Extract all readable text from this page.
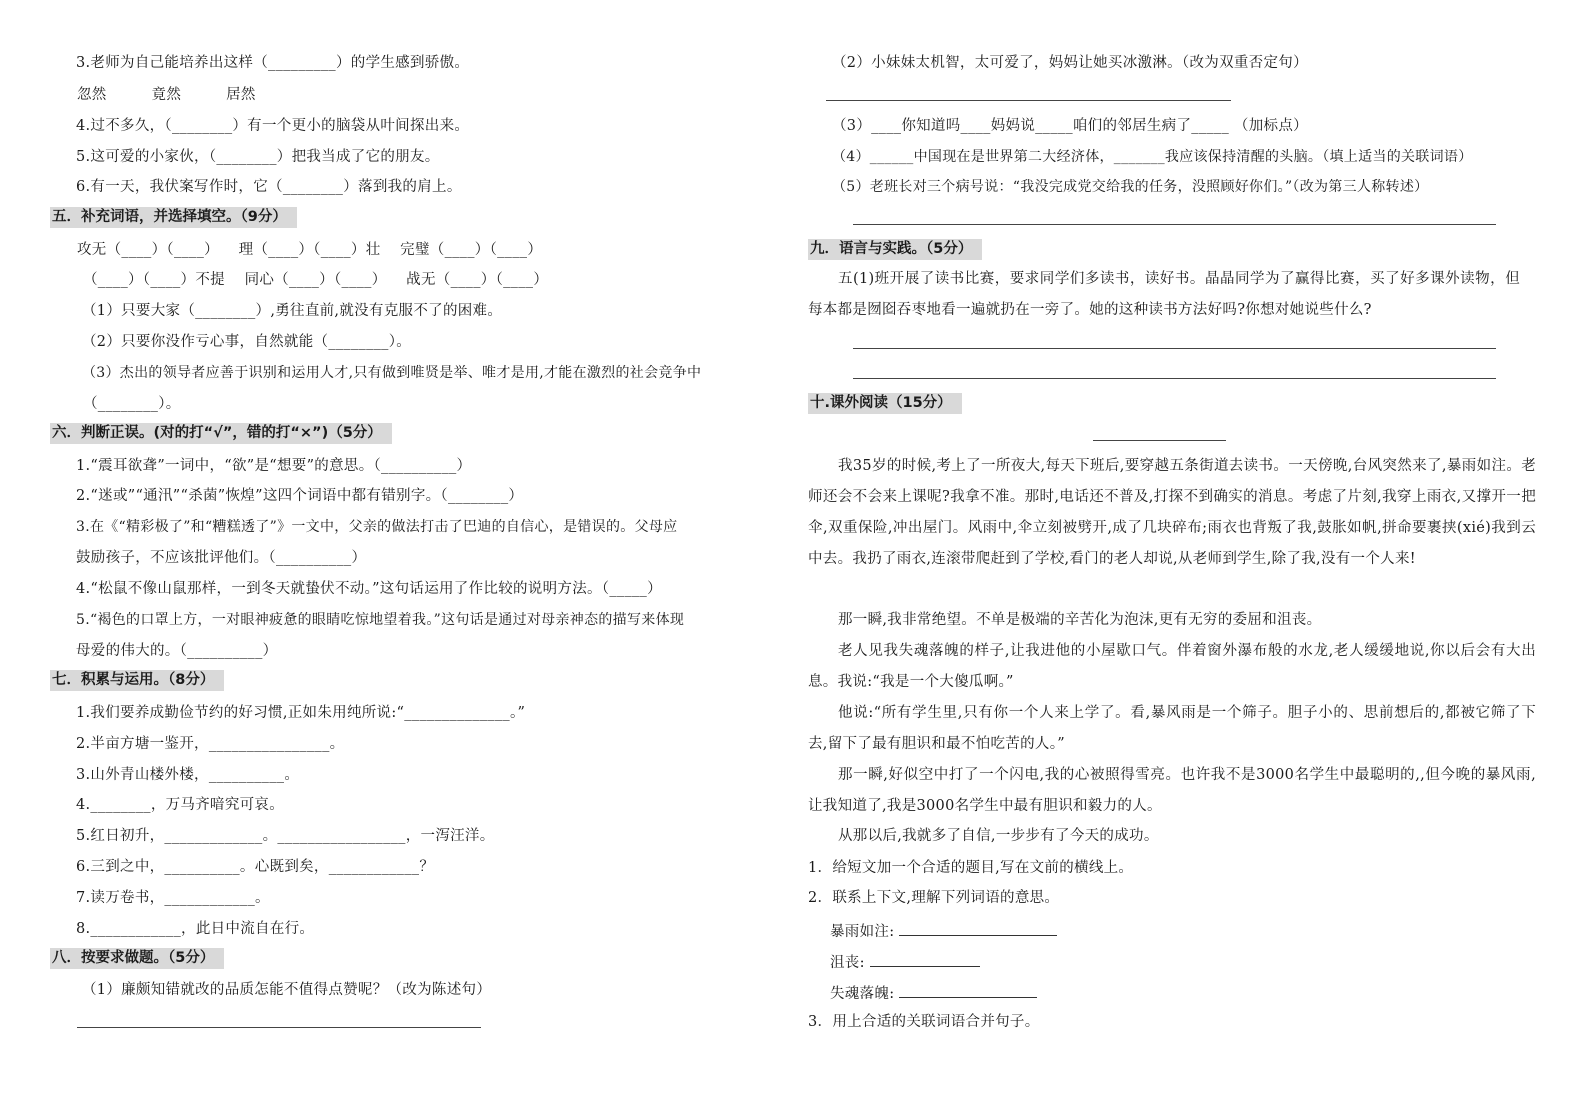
3.老师为自己能培养出这样（_________）的学生感到骄傲。
忽然	竟然	居然
4.过不多久，（________）有一个更小的脑袋从叶间探出来。
5.这可爱的小家伙，（________）把我当成了它的朋友。
6.有一天，我伏案写作时，它（________）落到我的肩上。
五．补充词语，并选择填空。（9分）
攻无（____）（____）    理（____）（____）壮    完璧（____）（____）
（____）（____）不提    同心（____）（____）    战无（____）（____）
（1）只要大家（________）,勇往直前,就没有克服不了的困难。
（2）只要你没作亏心事，自然就能（________）。
（3）杰出的领导者应善于识别和运用人才,只有做到唯贤是举、唯才是用,才能在激烈的社会竞争中
（________）。
六．判断正误。(对的打“√”，错的打“×”)（5分）
1.“震耳欲聋”一词中，“欲”是“想要”的意思。（__________）
2.“迷或”“通汛”“杀菌”恢煌”这四个词语中都有错别字。（________）
3.在《“精彩极了”和“糟糕透了”》一文中，父亲的做法打击了巴迪的自信心，是错误的。父母应
鼓励孩子，不应该批评他们。（__________）
4.“松鼠不像山鼠那样，一到冬天就蛰伏不动。”这句话运用了作比较的说明方法。（_____）
5.“褐色的口罩上方，一对眼神疲惫的眼睛吃惊地望着我。”这句话是通过对母亲神态的描写来体现
母爱的伟大的。（__________）
七．积累与运用。（8分）
1.我们要养成勤俭节约的好习惯,正如朱用纯所说:“______________。”
2.半亩方塘一鉴开，________________。
3.山外青山楼外楼，__________。
4.________，万马齐喑究可哀。
5.红日初升，_____________。_________________，一泻汪洋。
6.三到之中，__________。心既到矣，____________？
7.读万卷书，____________。
8.____________，此日中流自在行。
八．按要求做题。（5分）
（1）廉颇知错就改的品质怎能不值得点赞呢？（改为陈述句）
（2）小妹妹太机智，太可爱了，妈妈让她买冰激淋。（改为双重否定句）
（3）____你知道吗____妈妈说_____咱们的邻居生病了_____ （加标点）
（4）______中国现在是世界第二大经济体，_______我应该保持清醒的头脑。（填上适当的关联词语）
（5）老班长对三个病号说：“我没完成党交给我的任务，没照顾好你们。”（改为第三人称转述）
九．语言与实践。（5分）
五(1)班开展了读书比赛，要求同学们多读书，读好书。晶晶同学为了赢得比赛，买了好多课外读物，但每本都是囫囵吞枣地看一遍就扔在一旁了。她的这种读书方法好吗?你想对她说些什么?
十.课外阅读（15分）
我35岁的时候,考上了一所夜大,每天下班后,要穿越五条街道去读书。一天傍晚,台风突然来了,暴雨如注。老师还会不会来上课呢?我拿不准。那时,电话还不普及,打探不到确实的消息。考虑了片刻,我穿上雨衣,又撑开一把伞,双重保险,冲出屋门。风雨中,伞立刻被劈开,成了几块碎布;雨衣也背叛了我,鼓胀如帆,拼命要裹挟(xié)我到云中去。我扔了雨衣,连滚带爬赶到了学校,看门的老人却说,从老师到学生,除了我,没有一个人来!
那一瞬,我非常绝望。不单是极端的辛苦化为泡沫,更有无穷的委屈和沮丧。
老人见我失魂落魄的样子,让我进他的小屋歇口气。伴着窗外瀑布般的水龙,老人缓缓地说,你以后会有大出息。我说:“我是一个大傻瓜啊。”
他说:“所有学生里,只有你一个人来上学了。看,暴风雨是一个筛子。胆子小的、思前想后的,都被它筛了下去,留下了最有胆识和最不怕吃苦的人。”
那一瞬,好似空中打了一个闪电,我的心被照得雪亮。也许我不是3000名学生中最聪明的,,但今晚的暴风雨,让我知道了,我是3000名学生中最有胆识和毅力的人。
从那以后,我就多了自信,一步步有了今天的成功。
1．给短文加一个合适的题目,写在文前的横线上。
2．联系上下文,理解下列词语的意思。
暴雨如注:
沮丧:
失魂落魄:
3．用上合适的关联词语合并句子。
